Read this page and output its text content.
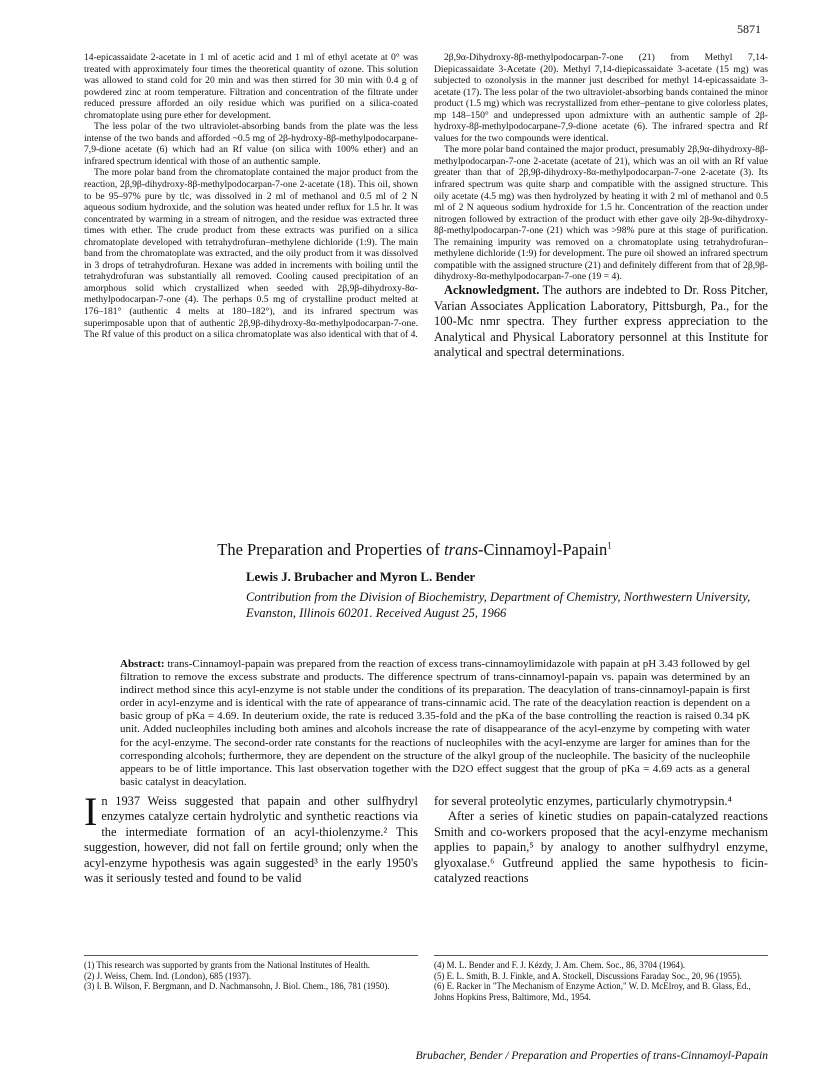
5871

14-epicassaidate 2-acetate in 1 ml of acetic acid and 1 ml of ethyl acetate at 0° was treated with approximately four times the theoretical quantity of ozone. This solution was allowed to stand cold for 20 min and was then stirred for 30 min with 0.4 g of powdered zinc at room temperature. Filtration and concentration of the filtrate under reduced pressure afforded an oily residue which was purified on a silica-coated chromatoplate using pure ether for development.

The less polar of the two ultraviolet-absorbing bands from the plate was the less intense of the two bands and afforded ~0.5 mg of 2β-hydroxy-8β-methylpodocarpane-7,9-dione acetate (6) which had an Rf value (on silica with 100% ether) and an infrared spectrum identical with those of an authentic sample.

The more polar band from the chromatoplate contained the major product from the reaction, 2β,9β-dihydroxy-8β-methylpodocarpan-7-one 2-acetate (18). This oil, shown to be 95–97% pure by tlc, was dissolved in 2 ml of methanol and 0.5 ml of 2 N aqueous sodium hydroxide, and the solution was heated under reflux for 1.5 hr. It was concentrated by warming in a stream of nitrogen, and the residue was extracted three times with ether. The crude product from these extracts was purified on a silica chromatoplate developed with tetrahydrofuran–methylene dichloride (1:9). The main band from the chromatoplate was extracted, and the oily product from it was dissolved in 3 drops of tetrahydrofuran. Hexane was added in increments with boiling until the tetrahydrofuran was substantially all removed. Cooling caused precipitation of an amorphous solid which crystallized when seeded with 2β,9β-dihydroxy-8α-methylpodocarpan-7-one (4). The perhaps 0.5 mg of crystalline product melted at 176–181° (authentic 4 melts at 180–182°), and its infrared spectrum was superimposable upon that of authentic 2β,9β-dihydroxy-8α-methylpodocarpan-7-one. The Rf value of this product on a silica chromatoplate was also identical with that of 4.

2β,9α-Dihydroxy-8β-methylpodocarpan-7-one (21) from Methyl 7,14-Diepicassaidate 3-Acetate (20). Methyl 7,14-diepicassaidate 3-acetate (15 mg) was subjected to ozonolysis in the manner just described for methyl 14-epicassaidate 3-acetate (17). The less polar of the two ultraviolet-absorbing bands contained the minor product (1.5 mg) which was recrystallized from ether–pentane to give colorless plates, mp 148–150° and undepressed upon admixture with an authentic sample of 2β-hydroxy-8β-methylpodocarpane-7,9-dione acetate (6). The infrared spectra and Rf values for the two compounds were identical.

The more polar band contained the major product, presumably 2β,9α-dihydroxy-8β-methylpodocarpan-7-one 2-acetate (acetate of 21), which was an oil with an Rf value greater than that of 2β,9β-dihydroxy-8α-methylpodocarpan-7-one 2-acetate (3). Its infrared spectrum was quite sharp and compatible with the assigned structure. This oily acetate (4.5 mg) was then hydrolyzed by heating it with 2 ml of methanol and 0.5 ml of 2 N aqueous sodium hydroxide for 1.5 hr. Concentration of the reaction under nitrogen followed by extraction of the product with ether gave oily 2β-9α-dihydroxy-8β-methylpodocarpan-7-one (21) which was >98% pure at this stage of purification. The remaining impurity was removed on a chromatoplate using tetrahydrofuran–methylene dichloride (1:9) for development. The pure oil showed an infrared spectrum compatible with the assigned structure (21) and definitely different from that of 2β,9β-dihydroxy-8α-methylpodocarpan-7-one (19 = 4).

Acknowledgment. The authors are indebted to Dr. Ross Pitcher, Varian Associates Application Laboratory, Pittsburgh, Pa., for the 100-Mc nmr spectra. They further express appreciation to the Analytical and Physical Laboratory personnel at this Institute for analytical and spectral determinations.

The Preparation and Properties of trans-Cinnamoyl-Papain$^1$
Lewis J. Brubacher and Myron L. Bender
Contribution from the Division of Biochemistry, Department of Chemistry, Northwestern University, Evanston, Illinois 60201. Received August 25, 1966
Abstract: trans-Cinnamoyl-papain was prepared from the reaction of excess trans-cinnamoylimidazole with papain at pH 3.43 followed by gel filtration to remove the excess substrate and products. The difference spectrum of trans-cinnamoyl-papain vs. papain was determined by an indirect method since this acyl-enzyme is not stable under the conditions of its preparation. The deacylation of trans-cinnamoyl-papain is first order in acyl-enzyme and is identical with the rate of appearance of trans-cinnamic acid. The rate of the deacylation reaction is dependent on a basic group of pKa = 4.69. In deuterium oxide, the rate is reduced 3.35-fold and the pKa of the base controlling the reaction is raised 0.34 pK unit. Added nucleophiles including both amines and alcohols increase the rate of disappearance of the acyl-enzyme by competing with water for the acyl-enzyme. The second-order rate constants for the reactions of nucleophiles with the acyl-enzyme are larger for amines than for the corresponding alcohols; furthermore, they are dependent on the structure of the alkyl group of the nucleophile. The basicity of the nucleophile appears to be of little importance. This last observation together with the D2O effect suggest that the group of pKa = 4.69 acts as a general basic catalyst in deacylation.

In 1937 Weiss suggested that papain and other sulfhydryl enzymes catalyze certain hydrolytic and synthetic reactions via the intermediate formation of an acyl-thiolenzyme.² This suggestion, however, did not fall on fertile ground; only when the acyl-enzyme hypothesis was again suggested³ in the early 1950's was it seriously tested and found to be valid

for several proteolytic enzymes, particularly chymotrypsin.⁴

After a series of kinetic studies on papain-catalyzed reactions Smith and co-workers proposed that the acyl-enzyme mechanism applies to papain,⁵ by analogy to another sulfhydryl enzyme, glyoxalase.⁶ Gutfreund applied the same hypothesis to ficin-catalyzed reactions

(1) This research was supported by grants from the National Institutes of Health.
(2) J. Weiss, Chem. Ind. (London), 685 (1937).
(3) I. B. Wilson, F. Bergmann, and D. Nachmansohn, J. Biol. Chem., 186, 781 (1950).
(4) M. L. Bender and F. J. Kézdy, J. Am. Chem. Soc., 86, 3704 (1964).
(5) E. L. Smith, B. J. Finkle, and A. Stockell, Discussions Faraday Soc., 20, 96 (1955).
(6) E. Racker in "The Mechanism of Enzyme Action," W. D. McElroy, and B. Glass, Ed., Johns Hopkins Press, Baltimore, Md., 1954.
Brubacher, Bender / Preparation and Properties of trans-Cinnamoyl-Papain
